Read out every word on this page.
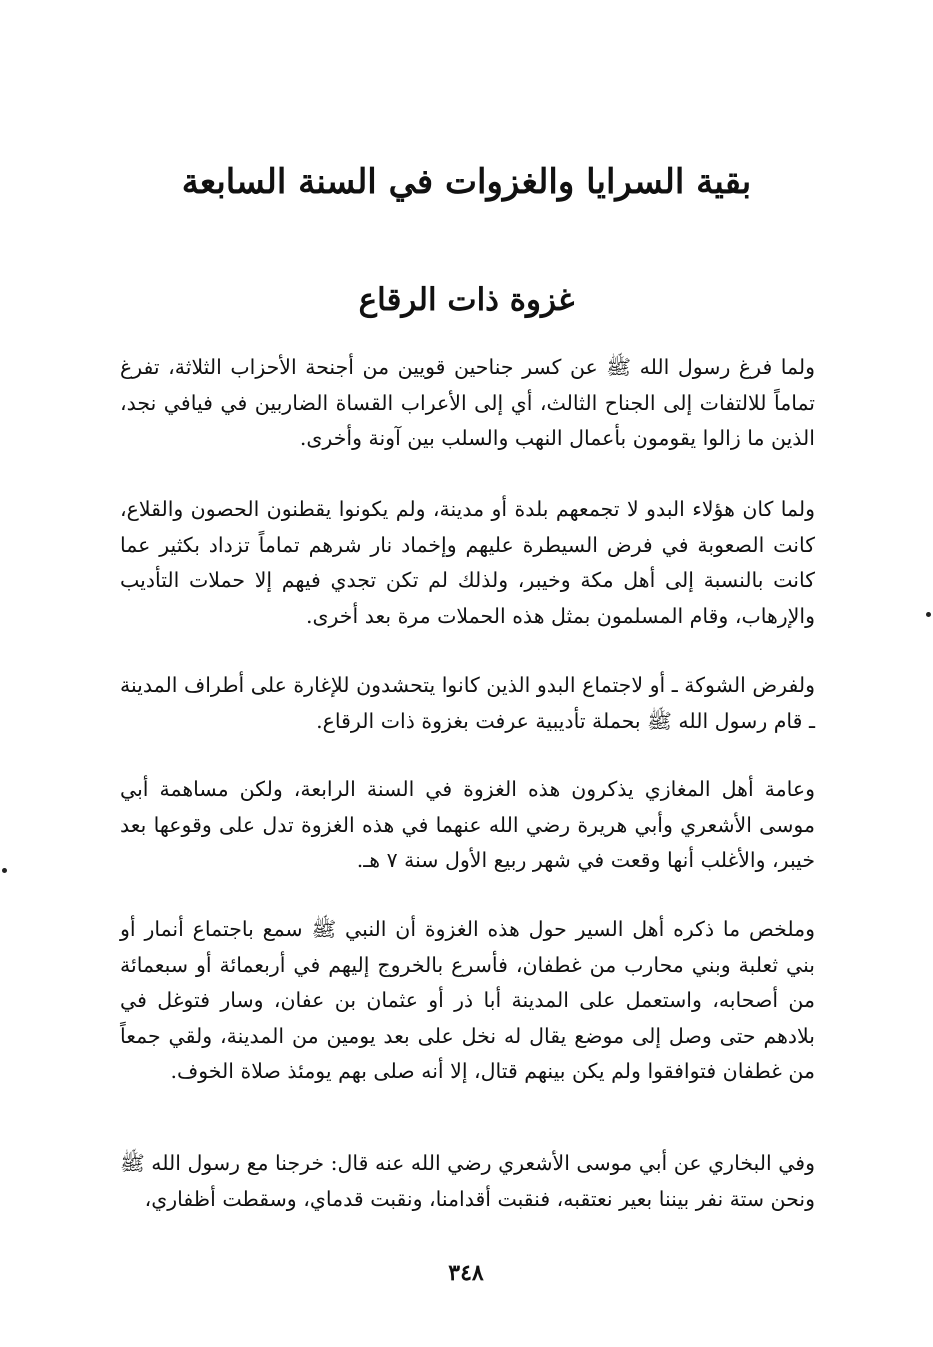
بقية السرايا والغزوات في السنة السابعة
غزوة ذات الرقاع

ولما فرغ رسول الله ﷺ عن كسر جناحين قويين من أجنحة الأحزاب الثلاثة، تفرغ تماماً للالتفات إلى الجناح الثالث، أي إلى الأعراب القساة الضاربين في فيافي نجد، الذين ما زالوا يقومون بأعمال النهب والسلب بين آونة وأخرى.

ولما كان هؤلاء البدو لا تجمعهم بلدة أو مدينة، ولم يكونوا يقطنون الحصون والقلاع، كانت الصعوبة في فرض السيطرة عليهم وإخماد نار شرهم تماماً تزداد بكثير عما كانت بالنسبة إلى أهل مكة وخيبر، ولذلك لم تكن تجدي فيهم إلا حملات التأديب والإرهاب، وقام المسلمون بمثل هذه الحملات مرة بعد أخرى.

ولفرض الشوكة ـ أو لاجتماع البدو الذين كانوا يتحشدون للإغارة على أطراف المدينة ـ قام رسول الله ﷺ بحملة تأديبية عرفت بغزوة ذات الرقاع.

وعامة أهل المغازي يذكرون هذه الغزوة في السنة الرابعة، ولكن مساهمة أبي موسى الأشعري وأبي هريرة رضي الله عنهما في هذه الغزوة تدل على وقوعها بعد خيبر، والأغلب أنها وقعت في شهر ربيع الأول سنة ٧ هـ.

وملخص ما ذكره أهل السير حول هذه الغزوة أن النبي ﷺ سمع باجتماع أنمار أو بني ثعلبة وبني محارب من غطفان، فأسرع بالخروج إليهم في أربعمائة أو سبعمائة من أصحابه، واستعمل على المدينة أبا ذر أو عثمان بن عفان، وسار فتوغل في بلادهم حتى وصل إلى موضع يقال له نخل على بعد يومين من المدينة، ولقي جمعاً من غطفان فتوافقوا ولم يكن بينهم قتال، إلا أنه صلى بهم يومئذ صلاة الخوف.

وفي البخاري عن أبي موسى الأشعري رضي الله عنه قال: خرجنا مع رسول الله ﷺ ونحن ستة نفر بيننا بعير نعتقبه، فنقبت أقدامنا، ونقبت قدماي، وسقطت أظفاري،

٣٤٨
